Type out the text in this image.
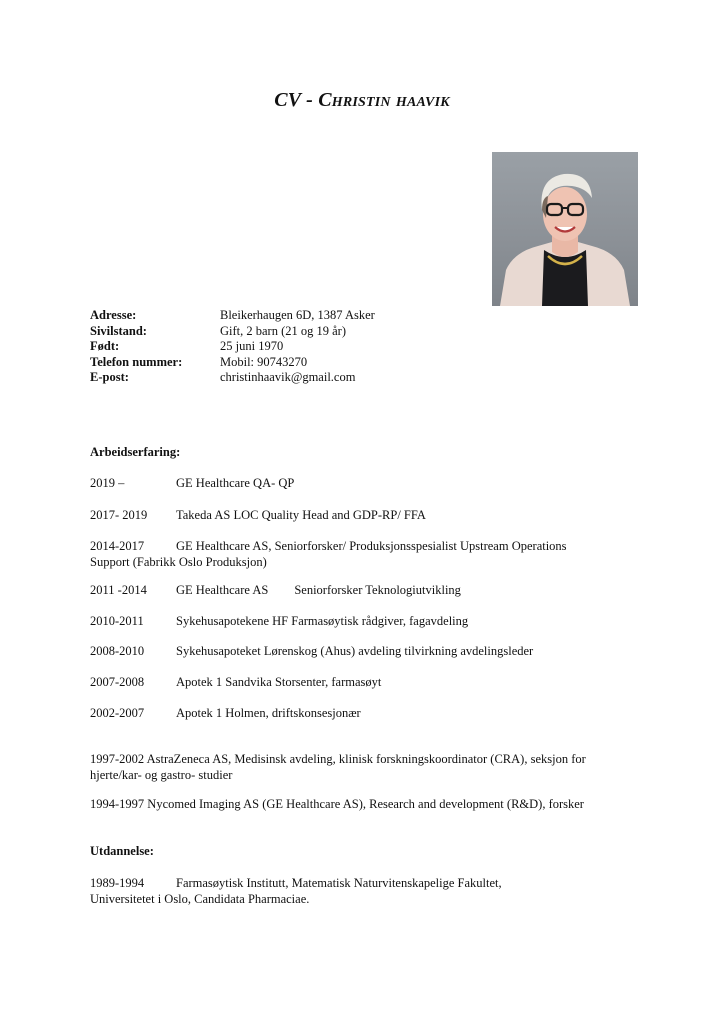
CV - Christin haavik
Adresse:	Bleikerhaugen 6D, 1387 Asker
Sivilstand:	Gift, 2 barn (21 og 19 år)
Født:	25 juni 1970
Telefon nummer:	Mobil: 90743270
E-post:	christinhaavik@gmail.com
Arbeidserfaring:
2019 –	GE Healthcare QA- QP
2017- 2019 Takeda AS LOC Quality Head and GDP-RP/ FFA
2014-2017	GE Healthcare AS, Seniorforsker/ Produksjonsspesialist Upstream Operations
Support (Fabrikk Oslo Produksjon)
2011 -2014 GE Healthcare AS Seniorforsker Teknologiutvikling
2010-2011	Sykehusapotekene HF Farmasøytisk rådgiver, fagavdeling
2008-2010	Sykehusapoteket Lørenskog (Ahus) avdeling tilvirkning avdelingsleder
2007-2008	Apotek 1 Sandvika Storsenter, farmasøyt
2002-2007	Apotek 1 Holmen, driftskonsesjonær
1997-2002 AstraZeneca AS, Medisinsk avdeling, klinisk forskningskoordinator (CRA), seksjon for
hjerte/kar- og gastro- studier
1994-1997 Nycomed Imaging AS (GE Healthcare AS), Research and development (R&D), forsker
Utdannelse:
1989-1994	Farmasøytisk Institutt, Matematisk Naturvitenskapelige Fakultet,
Universitetet i Oslo, Candidata Pharmaciae.
